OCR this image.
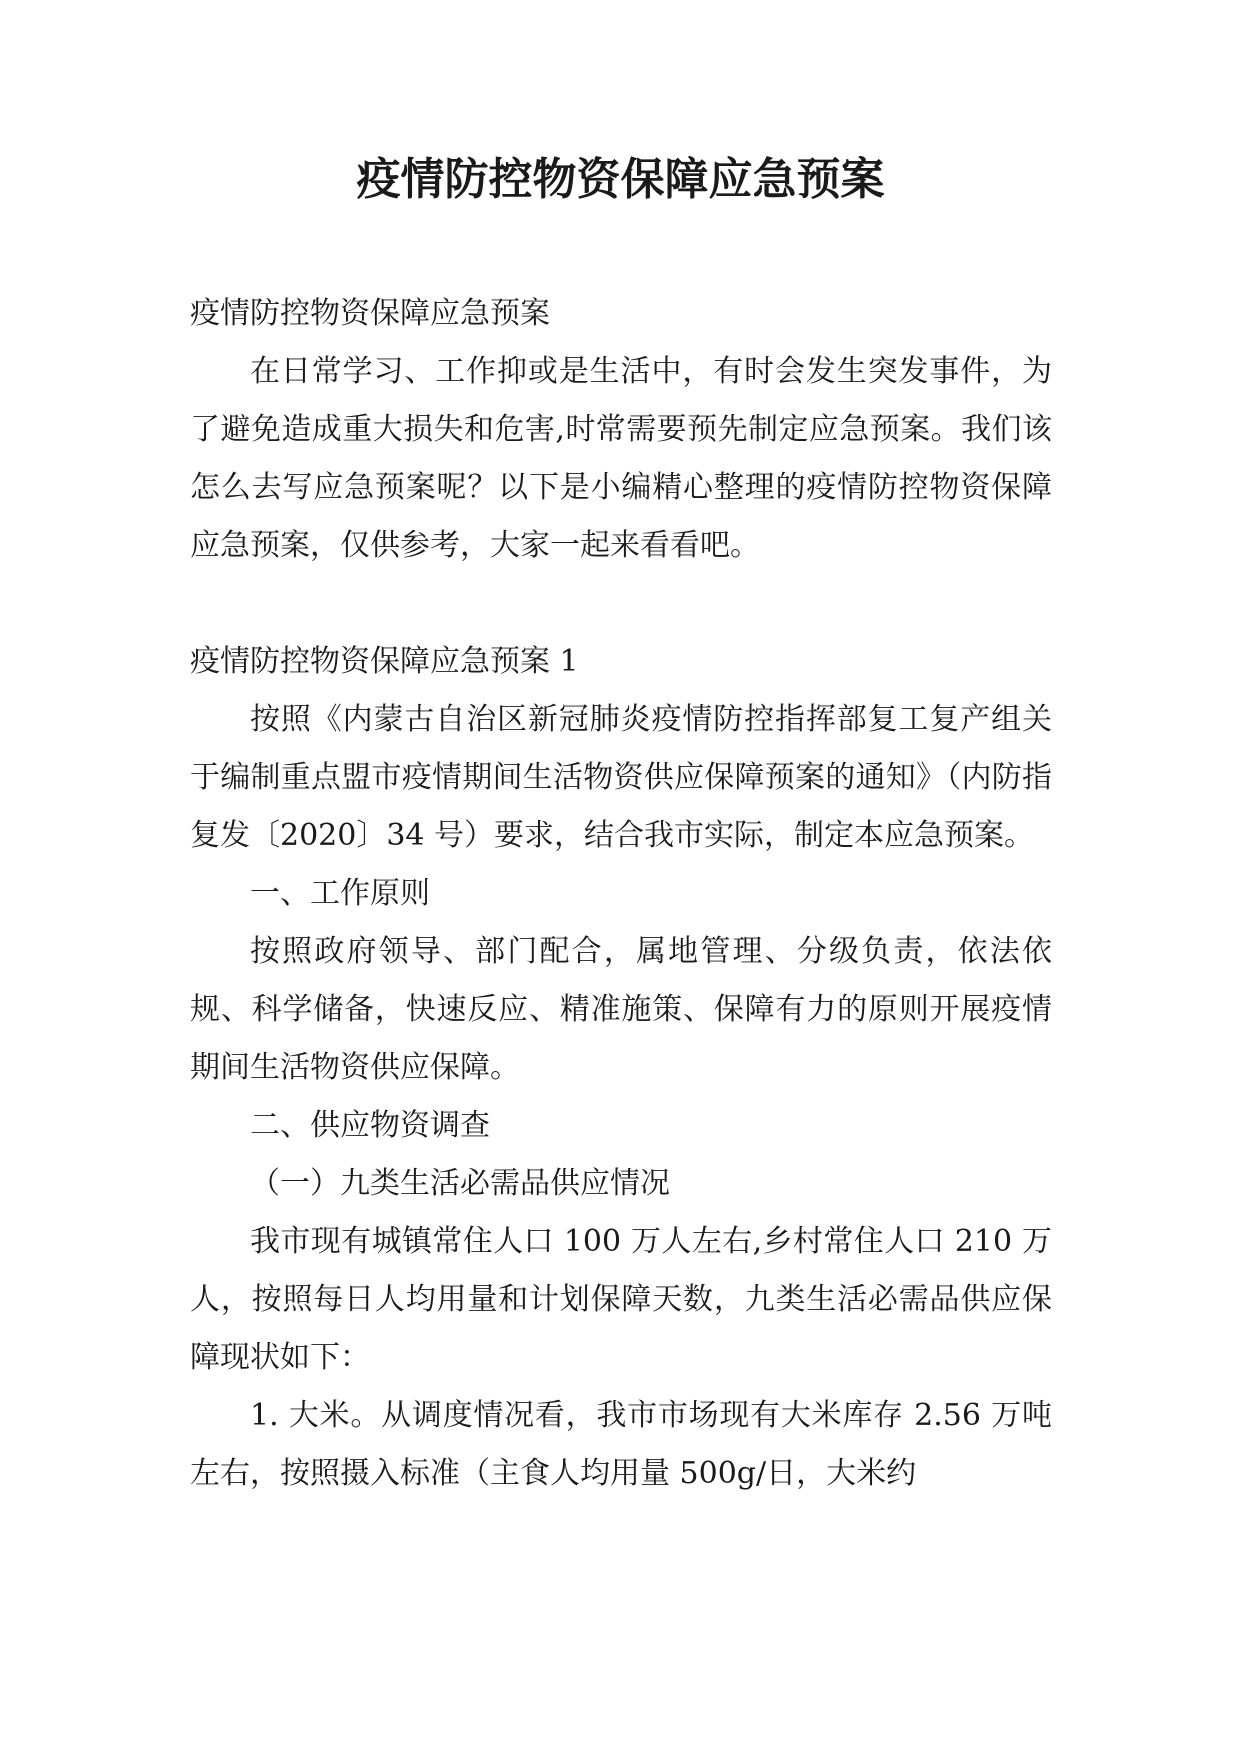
疫情防控物资保障应急预案

疫情防控物资保障应急预案

在日常学习、工作抑或是生活中，有时会发生突发事件，为了避免造成重大损失和危害,时常需要预先制定应急预案。我们该怎么去写应急预案呢？以下是小编精心整理的疫情防控物资保障应急预案，仅供参考，大家一起来看看吧。

疫情防控物资保障应急预案 1

按照《内蒙古自治区新冠肺炎疫情防控指挥部复工复产组关于编制重点盟市疫情期间生活物资供应保障预案的通知》（内防指复发〔2020〕34 号）要求，结合我市实际，制定本应急预案。

一、工作原则

按照政府领导、部门配合，属地管理、分级负责，依法依规、科学储备，快速反应、精准施策、保障有力的原则开展疫情期间生活物资供应保障。

二、供应物资调查

（一）九类生活必需品供应情况

我市现有城镇常住人口 100 万人左右,乡村常住人口 210 万人，按照每日人均用量和计划保障天数，九类生活必需品供应保障现状如下：

1. 大米。从调度情况看，我市市场现有大米库存 2.56 万吨左右，按照摄入标准（主食人均用量 500g/日，大米约
